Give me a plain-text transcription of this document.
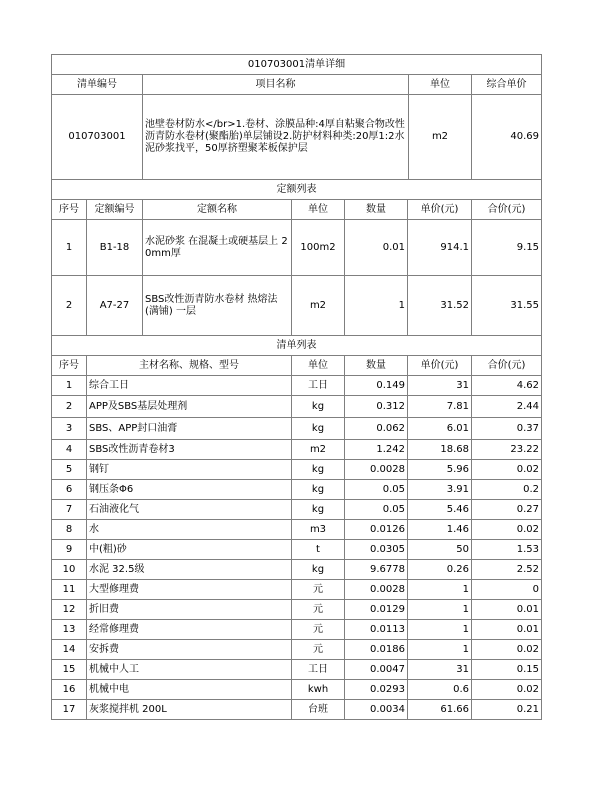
010703001清单详细			
清单编号	项目名称	单位	综合单价
010703001	池壁卷材防水</br>1.卷材、涂膜品种:4厚自粘聚合物改性沥青防水卷材(聚酯胎)单层铺设2.防护材料种类:20厚1:2水泥砂浆找平，50厚挤塑聚苯板保护层	m2	40.69
定额列表						
序号	定额编号	定额名称	单位	数量	单价(元)	合价(元)
1	B1-18	水泥砂浆 在混凝土或硬基层上 20mm厚	100m2	0.01	914.1	9.15
2	A7-27	SBS改性沥青防水卷材 热熔法(满铺) 一层	m2	1	31.52	31.55
清单列表					
序号	主材名称、规格、型号	单位	数量	单价(元)	合价(元)
1	综合工日	工日	0.149	31	4.62
2	APP及SBS基层处理剂	kg	0.312	7.81	2.44
3	SBS、APP封口油膏	kg	0.062	6.01	0.37
4	SBS改性沥青卷材3	m2	1.242	18.68	23.22
5	钢钉	kg	0.0028	5.96	0.02
6	钢压条Φ6	kg	0.05	3.91	0.2
7	石油液化气	kg	0.05	5.46	0.27
8	水	m3	0.0126	1.46	0.02
9	中(粗)砂	t	0.0305	50	1.53
10	水泥 32.5级	kg	9.6778	0.26	2.52
11	大型修理费	元	0.0028	1	0
12	折旧费	元	0.0129	1	0.01
13	经常修理费	元	0.0113	1	0.01
14	安拆费	元	0.0186	1	0.02
15	机械中人工	工日	0.0047	31	0.15
16	机械中电	kwh	0.0293	0.6	0.02
17	灰浆搅拌机 200L	台班	0.0034	61.66	0.21
